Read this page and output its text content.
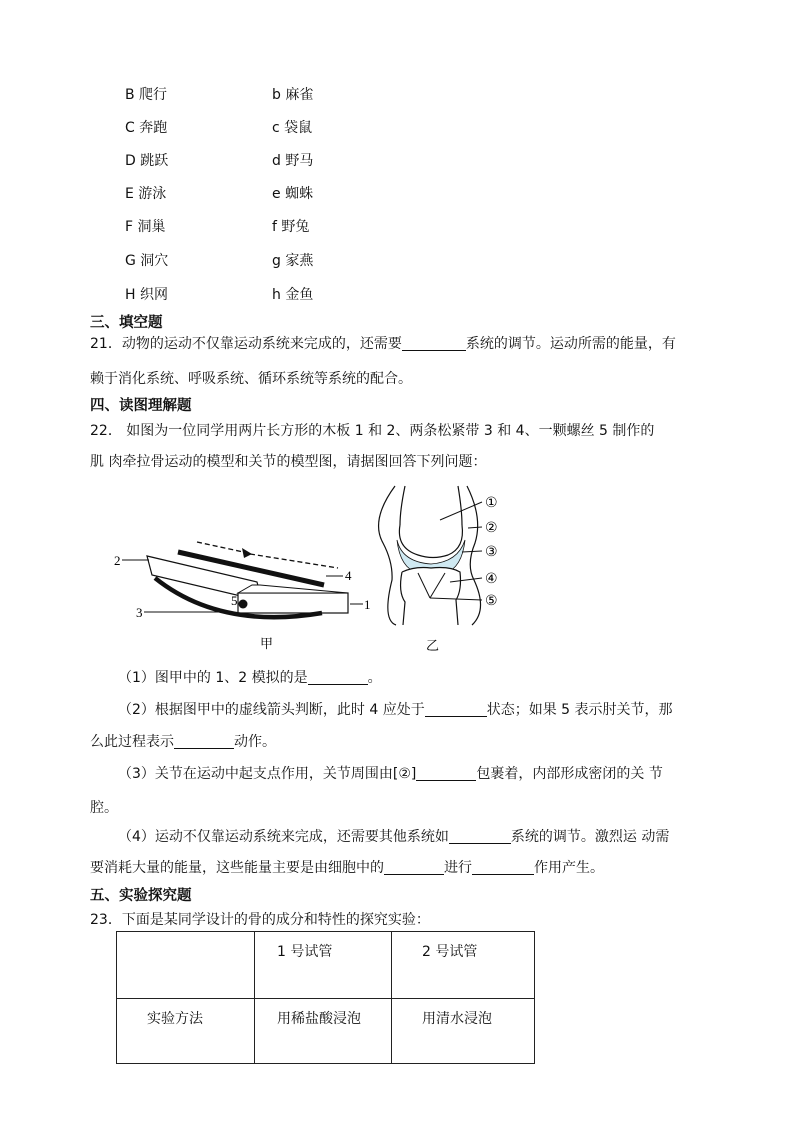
B 爬行	b 麻雀
C 奔跑	c 袋鼠
D 跳跃	d 野马
E 游泳	e 蜘蛛
F 洞巢	f 野兔
G 洞穴	g 家燕
H 织网	h 金鱼
三、填空题
21．动物的运动不仅靠运动系统来完成的，还需要	系统的调节。运动所需的能量，有
赖于消化系统、呼吸系统、循环系统等系统的配合。
四、读图理解题
22． 如图为一位同学用两片长方形的木板 1 和 2、两条松紧带 3 和 4、一颗螺丝 5 制作的
肌 肉牵拉骨运动的模型和关节的模型图，请据图回答下列问题：
2
3
4
5	1
甲
①
②
③
④
⑤
乙
（1）图甲中的 1、2 模拟的是	。
（2）根据图甲中的虚线箭头判断，此时 4 应处于	状态；如果 5 表示肘关节，那
么此过程表示	动作。
（3）关节在运动中起支点作用，关节周围由[②]	包裹着，内部形成密闭的关 节
腔。
（4）运动不仅靠运动系统来完成，还需要其他系统如	系统的调节。激烈运 动需
要消耗大量的能量，这些能量主要是由细胞中的	进行	作用产生。
五、实验探究题
23．下面是某同学设计的骨的成分和特性的探究实验：

	1 号试管	2 号试管

实验方法	用稀盐酸浸泡	用清水浸泡
